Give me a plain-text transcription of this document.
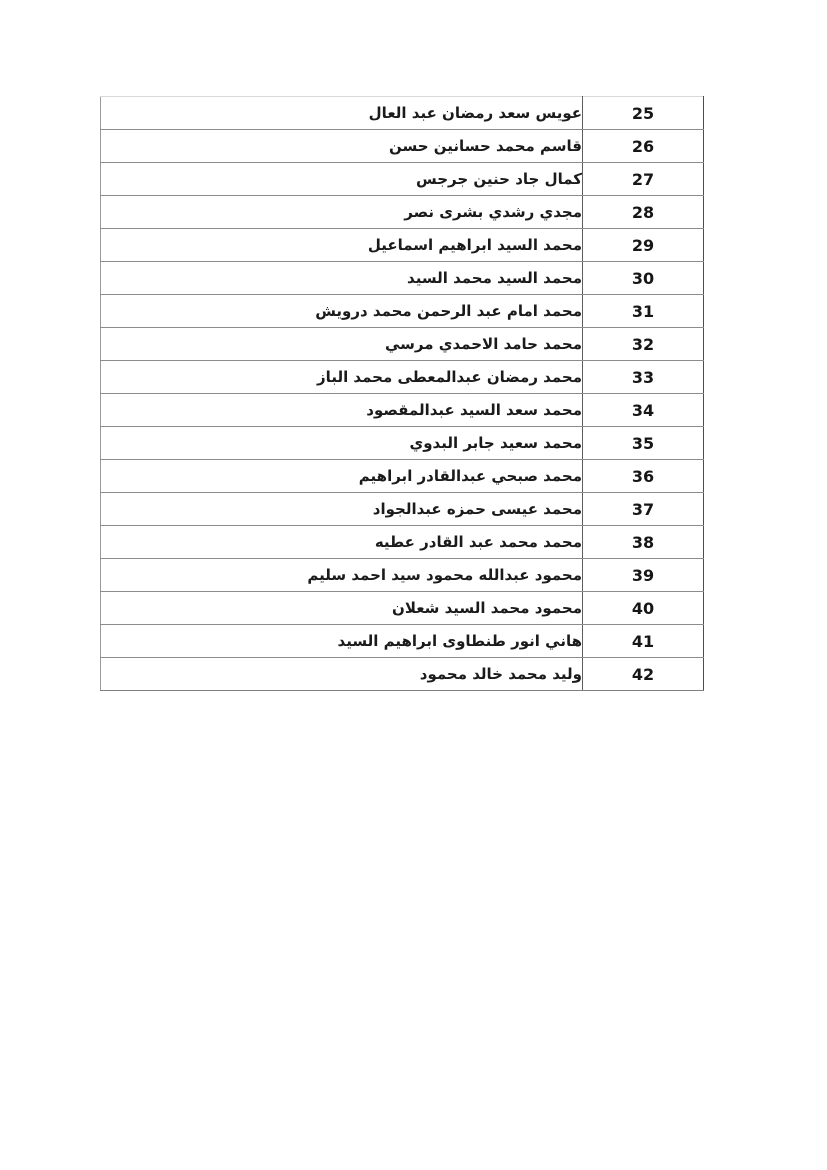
عويس سعد رمضان عبد العال	25
قاسم محمد حسانين حسن	26
كمال جاد حنين جرجس	27
مجدي رشدي بشرى نصر	28
محمد السيد ابراهيم اسماعيل	29
محمد السيد محمد السيد	30
محمد امام عبد الرحمن محمد درويش	31
محمد حامد الاحمدي مرسي	32
محمد رمضان عبدالمعطى محمد الباز	33
محمد سعد السيد عبدالمقصود	34
محمد سعيد جابر البدوي	35
محمد صبحي عبدالقادر ابراهيم	36
محمد عيسى حمزه عبدالجواد	37
محمد محمد عبد القادر عطيه	38
محمود عبدالله محمود سيد احمد سليم	39
محمود محمد السيد شعلان	40
هاني انور طنطاوى ابراهيم السيد	41
وليد محمد خالد محمود	42
